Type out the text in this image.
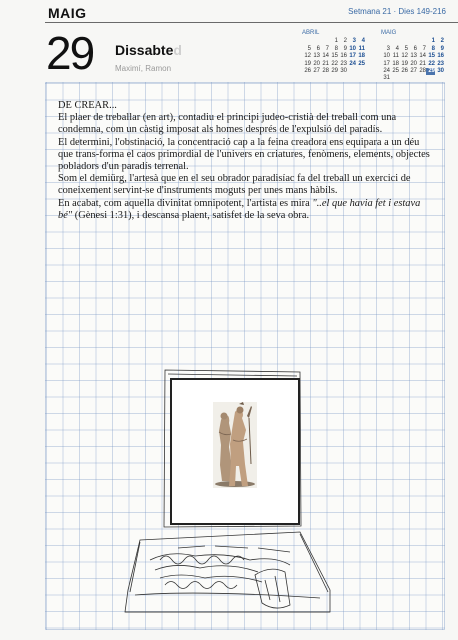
MAIG	Setmana 21 · Dies 149-216
29 Dissabted
Maximí, Ramon
ABRIL
1 2 3 4
5 6 7 8 9 10 11
12 13 14 15 16 17 18
19 20 21 22 23 24 25
26 27 28 29 30
MAIG
1 2
3 4 5 6 7 8 9
10 11 12 13 14 15 16
17 18 19 20 21 22 23
24 25 26 27 28 29 30
31

DE CREAR...

El plaer de treballar (en art), contadiu el principi judeo-cristià del treball com una condemna, com un càstig imposat als homes després de l'expulsió del paradís.

El determini, l'obstinació, la concentració cap a la feina creadora ens equipara a un déu que trans-forma el caos primordial de l'univers en criatures, fenòmens, elements, objectes pobladors d'un paradís terrenal.

Som el demiürg, l'artesà que en el seu obrador paradisíac fa del treball un exercici de coneixement servint-se d'instruments moguts per unes mans hàbils.

En acabat, com aquella divinitat omnipotent, l'artista es mira "..el que havia fet i estava bé" (Gènesi 1:31), i descansa plaent, satisfet de la seva obra.
